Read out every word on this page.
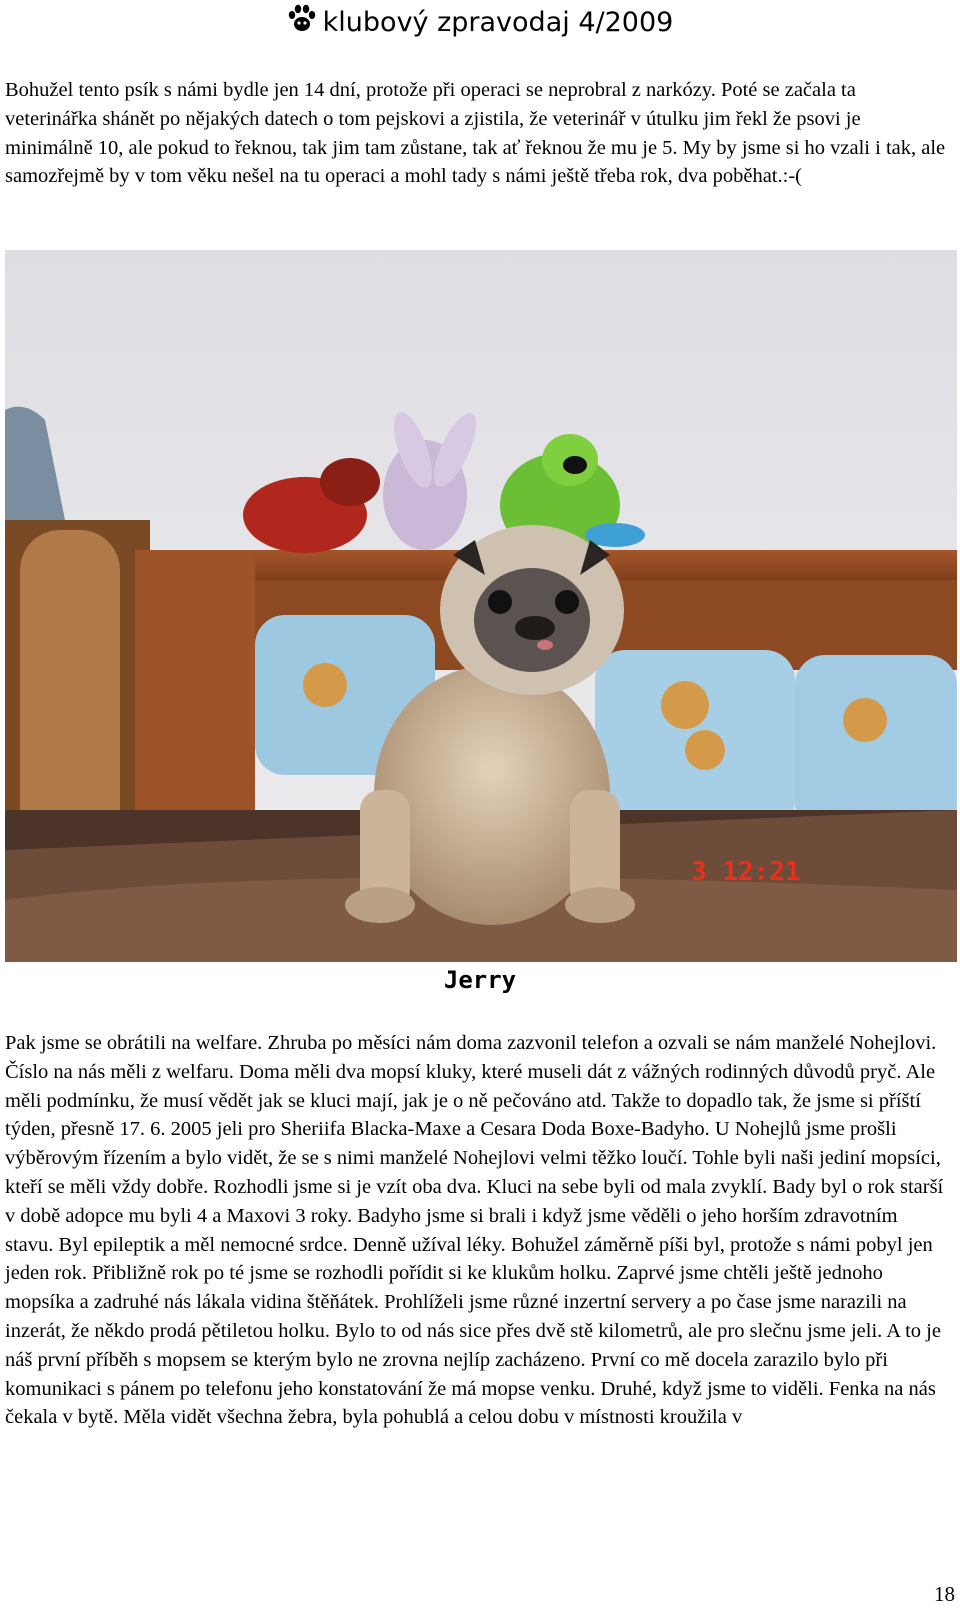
klubový zpravodaj 4/2009

Bohužel tento psík s námi bydle jen 14 dní, protože při operaci se neprobral z narkózy. Poté se začala ta veterinářka shánět po nějakých datech o tom pejskovi a zjistila, že veterinář v útulku jim řekl že psovi je minimálně 10, ale pokud to řeknou, tak jim tam zůstane, tak ať řeknou že mu je 5. My by jsme si ho vzali i tak, ale samozřejmě by v tom věku nešel na tu operaci a mohl tady s námi ještě třeba rok, dva poběhat.:-(

3 12:21
Jerry

Pak jsme se obrátili na welfare. Zhruba po měsíci nám doma zazvonil telefon a ozvali se nám manželé Nohejlovi. Číslo na nás měli z welfaru. Doma měli dva mopsí kluky, které museli dát z vážných rodinných důvodů pryč. Ale měli podmínku, že musí vědět jak se kluci mají, jak je o ně pečováno atd. Takže to dopadlo tak, že jsme si příští týden, přesně 17. 6. 2005 jeli pro Sheriifa Blacka-Maxe a Cesara Doda Boxe-Badyho. U Nohejlů jsme prošli výběrovým řízením a bylo vidět, že se s nimi manželé Nohejlovi velmi těžko loučí. Tohle byli naši jediní mopsíci, kteří se měli vždy dobře. Rozhodli jsme si je vzít oba dva. Kluci na sebe byli od mala zvyklí. Bady byl o rok starší v době adopce mu byli 4 a Maxovi 3 roky. Badyho jsme si brali i když jsme věděli o jeho horším zdravotním stavu. Byl epileptik a měl nemocné srdce. Denně užíval léky. Bohužel záměrně píši byl, protože s námi pobyl jen jeden rok. Přibližně rok po té jsme se rozhodli pořídit si ke klukům holku. Zaprvé jsme chtěli ještě jednoho mopsíka a zadruhé nás lákala vidina štěňátek. Prohlíželi jsme různé inzertní servery a po čase jsme narazili na inzerát, že někdo prodá pětiletou holku. Bylo to od nás sice přes dvě stě kilometrů, ale pro slečnu jsme jeli. A to je náš první příběh s mopsem se kterým bylo ne zrovna nejlíp zacházeno. První co mě docela zarazilo bylo při komunikaci s pánem po telefonu jeho konstatování že má mopse venku. Druhé, když jsme to viděli. Fenka na nás čekala v bytě. Měla vidět všechna žebra, byla pohublá a celou dobu v místnosti kroužila v

18
